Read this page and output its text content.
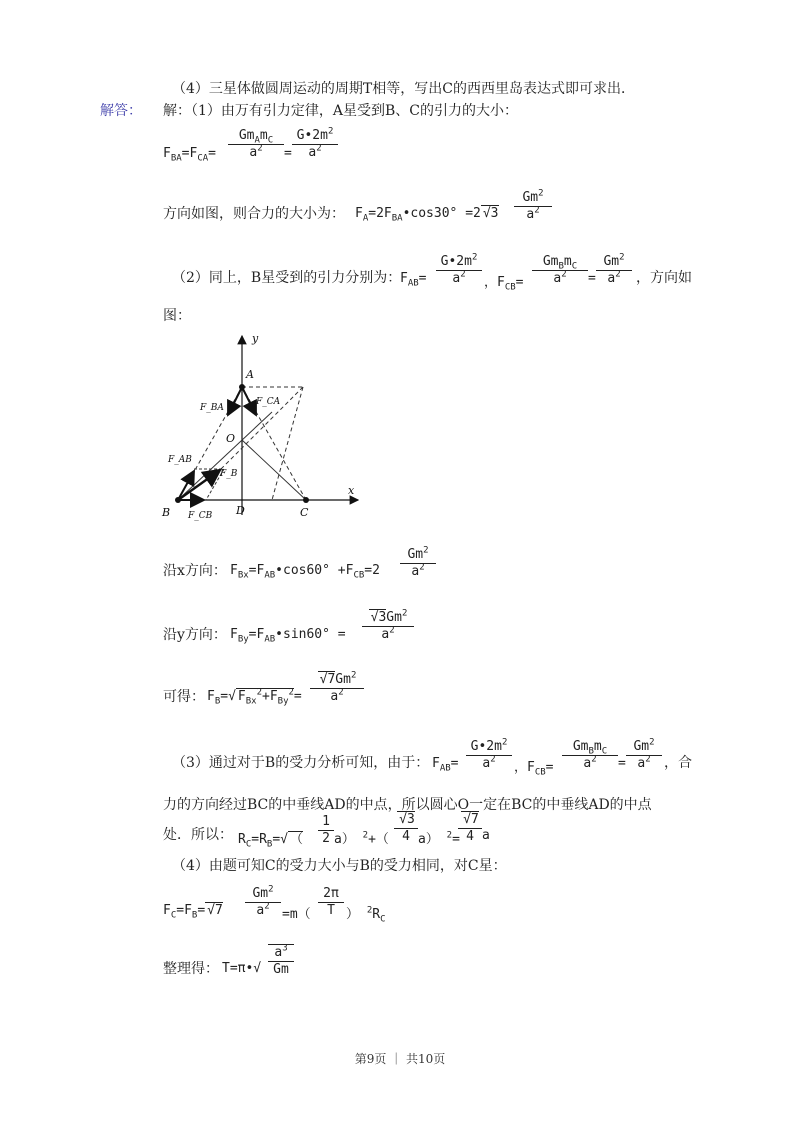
（4）三星体做圆周运动的周期T相等，写出C的西西里岛表达式即可求出．
解答： 解：（1）由万有引力定律，A星受到B、C的引力的大小：
$F_{BA}=F_{CA}=$
$Gm_Am_C$
$a^2$	= $\frac{G•2m^2}{a^2}$
方向如图，则合力的大小为： $F_A=2F_{BA}•\cos 30^\circ =2$ $√3 \frac{Gm^2}{a^2}$
（2）同上，B星受到的引力分别为：
$F_{AB}= \frac{G•2m^2}{a^2}$ ，$F_{CB}=$
$Gm_Bm_C$
$a^2$	= $\frac{Gm^2}{a^2}$ ，方向如
图：
y
A
F_BA
F_CA
O
F_AB
F_B
B F_CB D	C
x
沿x方向： $F_{Bx}=F_{AB}•\cos 60^\circ +F_{CB}=2 \frac{Gm^2}{a^2}$
沿y方向： $F_{By}=F_{AB}•\sin 60^\circ = \frac{√3Gm^2}{a^2}$
可得： $F_B=√$ $F_{Bx}^2+F_{By}^2= \frac{√7Gm^2}{a^2}$
（3）通过对于B的受力分析可知，由于： $F_{AB}= \frac{G•2m^2}{a^2}$ ，$F_{CB}=$
$Gm_Bm_C$
$a^2$	= $\frac{Gm^2}{a^2}$ ，合
力的方向经过BC的中垂线AD的中点，所以圆心O一定在BC的中垂线AD的中点
处．所以： $R_C=R_B=√$ （ $\frac{1}{2} a$） $^2+( \frac{√3}{4} a)$ $^2$=
$\frac{√7}{4}$ a
（4）由题可知C的受力大小与B的受力相同，对C星：
$F_C=F_B= √7 \frac{Gm^2}{a^2} =m( \frac{2\pi}{T}$ ） $^2R_C$
整理得： T=π•√ $\frac{a^3}{Gm}$
第9页 ｜ 共10页
